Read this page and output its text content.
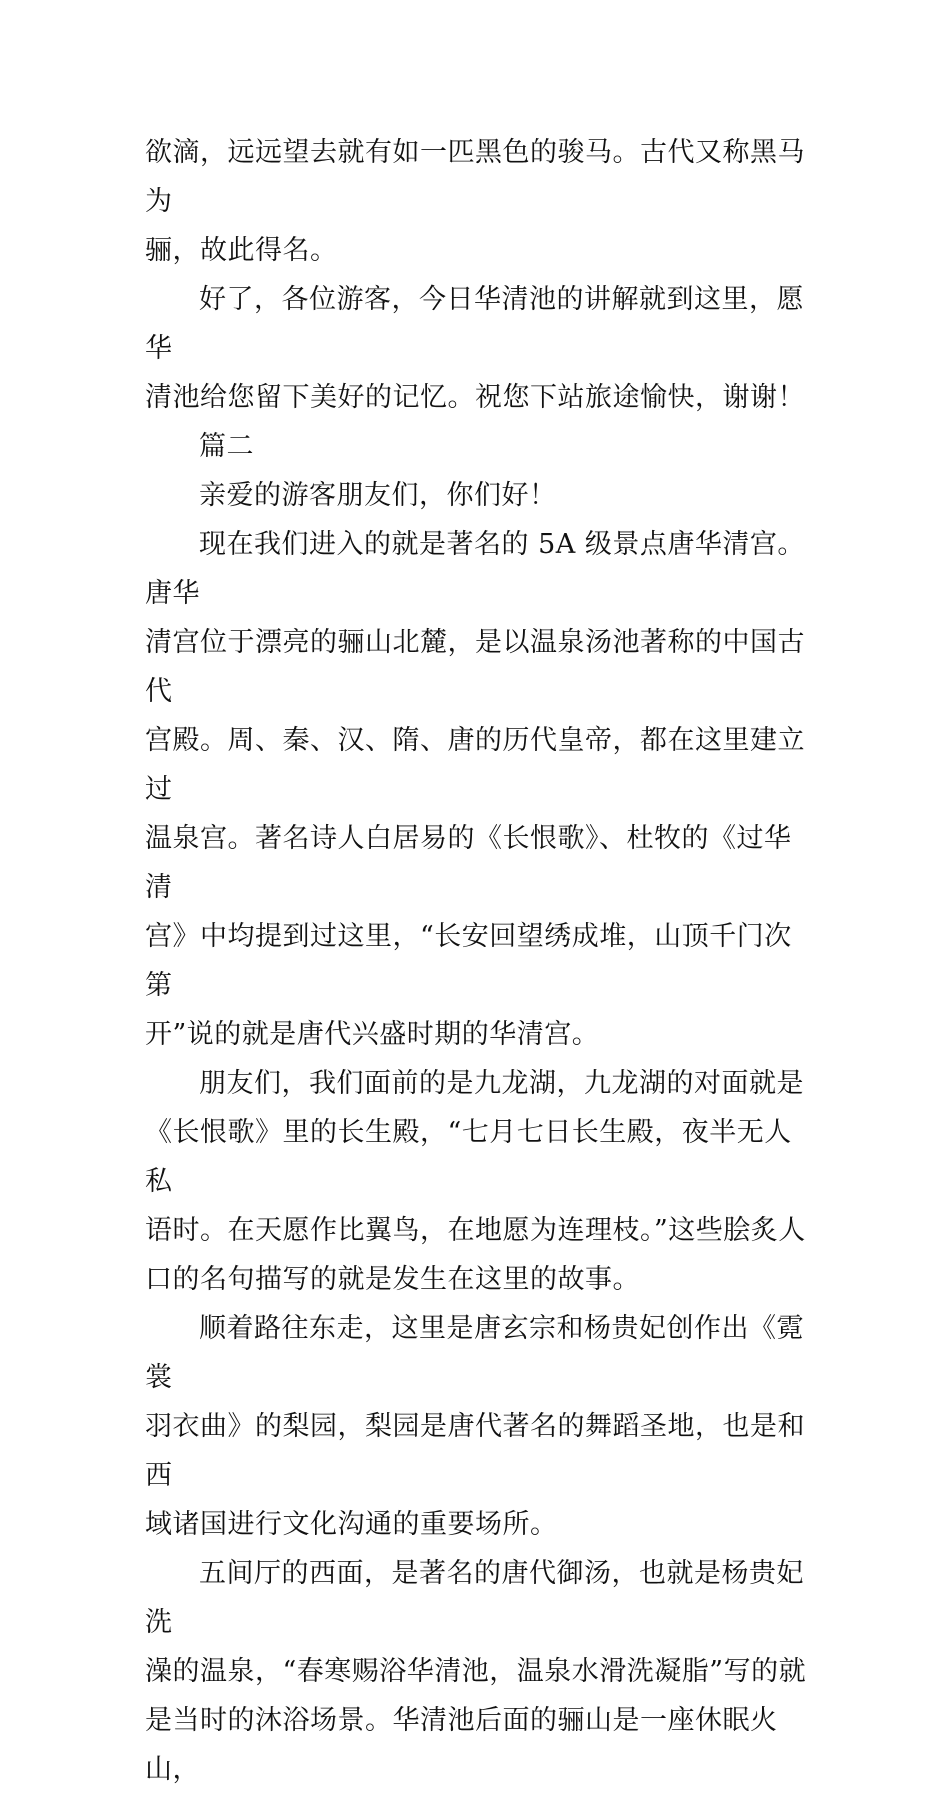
欲滴，远远望去就有如一匹黑色的骏马。古代又称黑马为

骊，故此得名。

好了，各位游客，今日华清池的讲解就到这里，愿华

清池给您留下美好的记忆。祝您下站旅途愉快，谢谢！

篇二

亲爱的游客朋友们，你们好！

现在我们进入的就是著名的 5A 级景点唐华清宫。唐华

清宫位于漂亮的骊山北麓，是以温泉汤池著称的中国古代

宫殿。周、秦、汉、隋、唐的历代皇帝，都在这里建立过

温泉宫。著名诗人白居易的《长恨歌》、杜牧的《过华清

宫》中均提到过这里，“长安回望绣成堆，山顶千门次第

开”说的就是唐代兴盛时期的华清宫。

朋友们，我们面前的是九龙湖，九龙湖的对面就是

《长恨歌》里的长生殿，“七月七日长生殿，夜半无人私

语时。在天愿作比翼鸟，在地愿为连理枝。”这些脍炙人

口的名句描写的就是发生在这里的故事。

顺着路往东走，这里是唐玄宗和杨贵妃创作出《霓裳

羽衣曲》的梨园，梨园是唐代著名的舞蹈圣地，也是和西

域诸国进行文化沟通的重要场所。

五间厅的西面，是著名的唐代御汤，也就是杨贵妃洗

澡的温泉，“春寒赐浴华清池，温泉水滑洗凝脂”写的就

是当时的沐浴场景。华清池后面的骊山是一座休眠火山，
